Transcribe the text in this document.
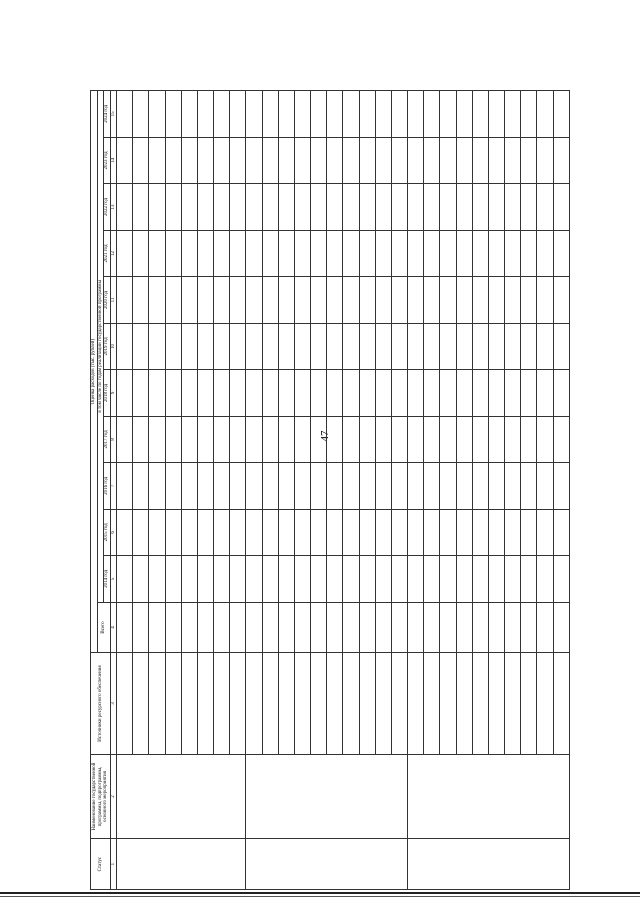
47
Статус	Наименование государственной программы, подпрограммы, основного мероприятия	Источники ресурсного обеспечения	Оценка расходов (тыс. рублей)											
			Всего	в том числе по годам реализации государственной программы										
				2014 год	2015 год	2016 год	2017 год	2018 год	2019 год	2020 год	2021 год	2022 год	2023 год	2024 год
1	2	3	4	5	6	7	8	9	10	11	12	13	14	15
